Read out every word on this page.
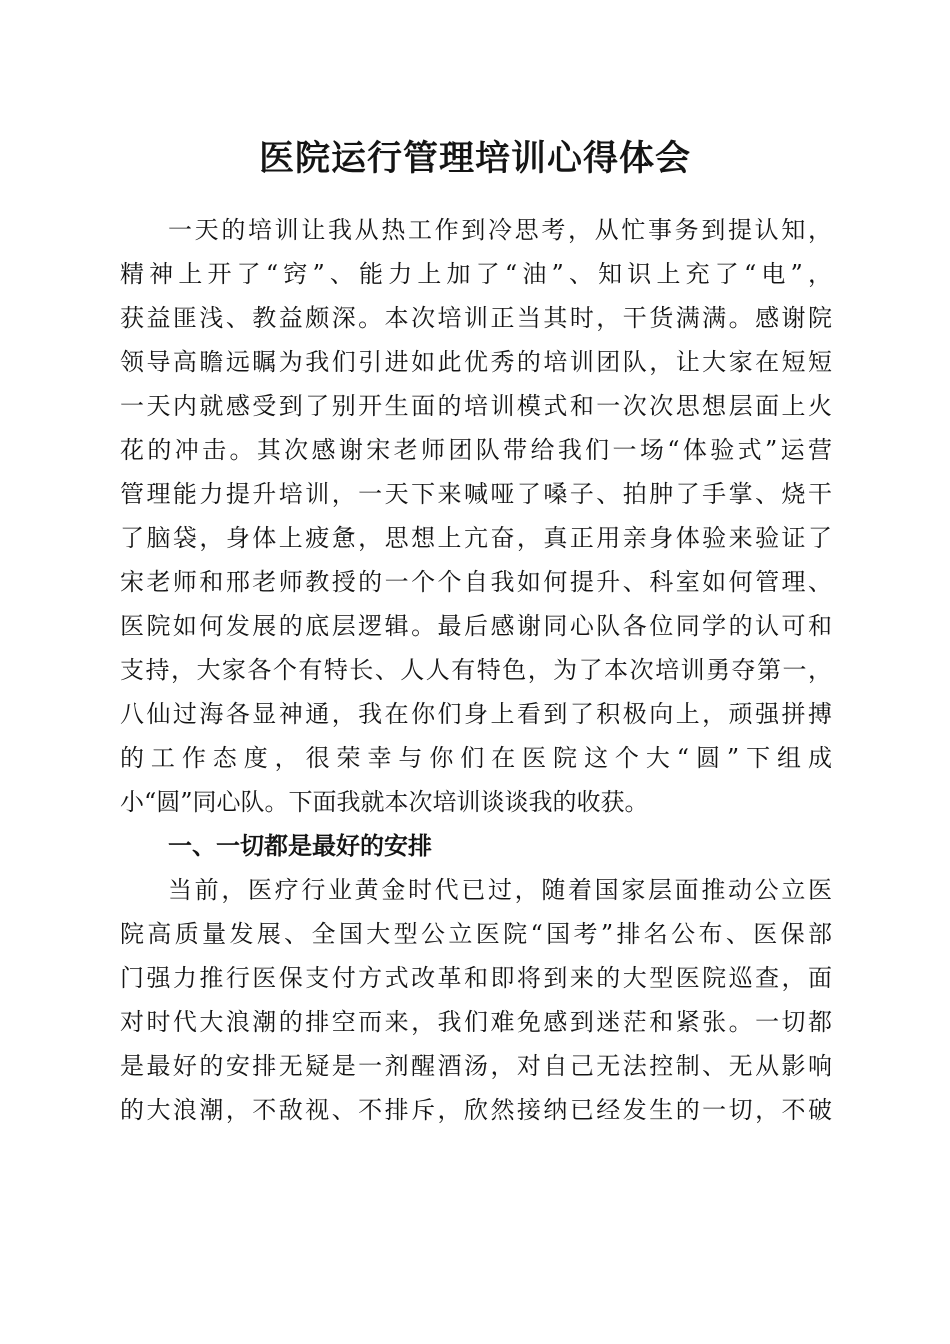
医院运行管理培训心得体会
一天的培训让我从热工作到冷思考，从忙事务到提认知，
精神上开了“窍”、能力上加了“油”、知识上充了“电”，
获益匪浅、教益颇深。本次培训正当其时，干货满满。感谢院
领导高瞻远瞩为我们引进如此优秀的培训团队，让大家在短短
一天内就感受到了别开生面的培训模式和一次次思想层面上火
花的冲击。其次感谢宋老师团队带给我们一场“体验式”运营
管理能力提升培训，一天下来喊哑了嗓子、拍肿了手掌、烧干
了脑袋，身体上疲惫，思想上亢奋，真正用亲身体验来验证了
宋老师和邢老师教授的一个个自我如何提升、科室如何管理、
医院如何发展的底层逻辑。最后感谢同心队各位同学的认可和
支持，大家各个有特长、人人有特色，为了本次培训勇夺第一，
八仙过海各显神通，我在你们身上看到了积极向上，顽强拼搏
的工作态度，很荣幸与你们在医院这个大“圆”下组成
小“圆”同心队。下面我就本次培训谈谈我的收获。
一、一切都是最好的安排
当前，医疗行业黄金时代已过，随着国家层面推动公立医
院高质量发展、全国大型公立医院“国考”排名公布、医保部
门强力推行医保支付方式改革和即将到来的大型医院巡查，面
对时代大浪潮的排空而来，我们难免感到迷茫和紧张。一切都
是最好的安排无疑是一剂醒酒汤，对自己无法控制、无从影响
的大浪潮，不敌视、不排斥，欣然接纳已经发生的一切，不破
